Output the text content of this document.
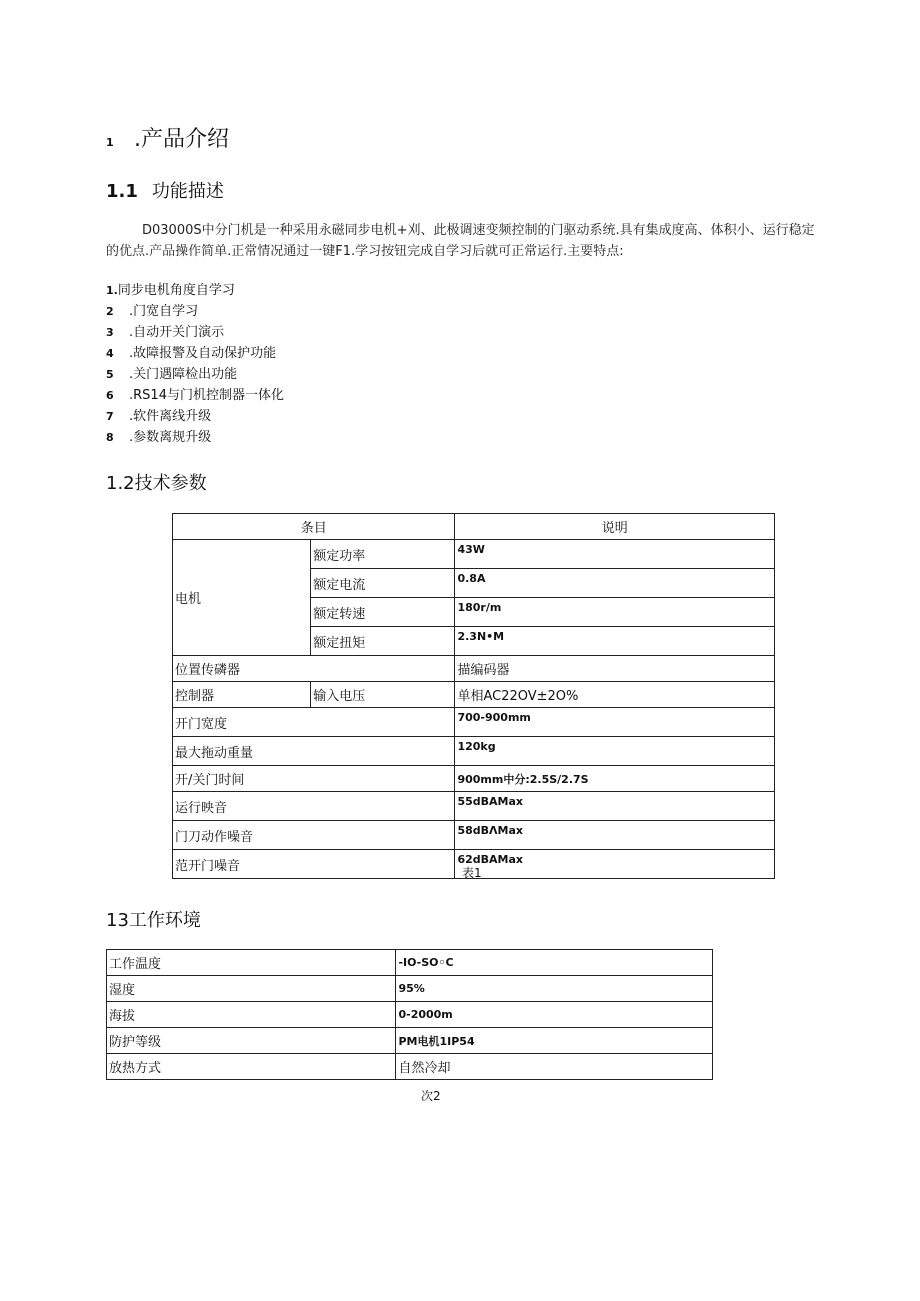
1 .产品介绍
1.1 功能描述
D03000S中分门机是一种采用永磁同步电机+刈、此极调速变频控制的门驱动系统.具有集成度高、体积小、运行稳定
的优点.产品操作简单.正常情况通过一键F1.学习按钮完成自学习后就可正常运行.主要特点:
1.同步电机角度自学习
2 .门宽自学习
3 .自动开关门演示
4 .故障报警及自动保护功能
5 .关门遇障检出功能
6 .RS14与门机控制器一体化
7 .软件离线升级
8 .参数离规升级
1.2技术参数
条目		说明
电机	额定功率	43W
	额定电流	0.8A
	额定转速	180r/m
	额定扭矩	2.3N•M
位置传磷器		描编码器
控制器	输入电压	单相AC22OV±2O%
开门宽度		700-900mm
最大拖动重量		120kg
开/关门时间		900mm中分:2.5S/2.7S
运行映音		55dBAMax
门刀动作噪音		58dBΛMax
范开门噪音		62dBAMax
表1
13工作环境
工作温度	-IO-SO◦C
湿度	95%
海拔	0-2000m
防护等级	PM电机1IP54
放热方式	自然冷却
次2
